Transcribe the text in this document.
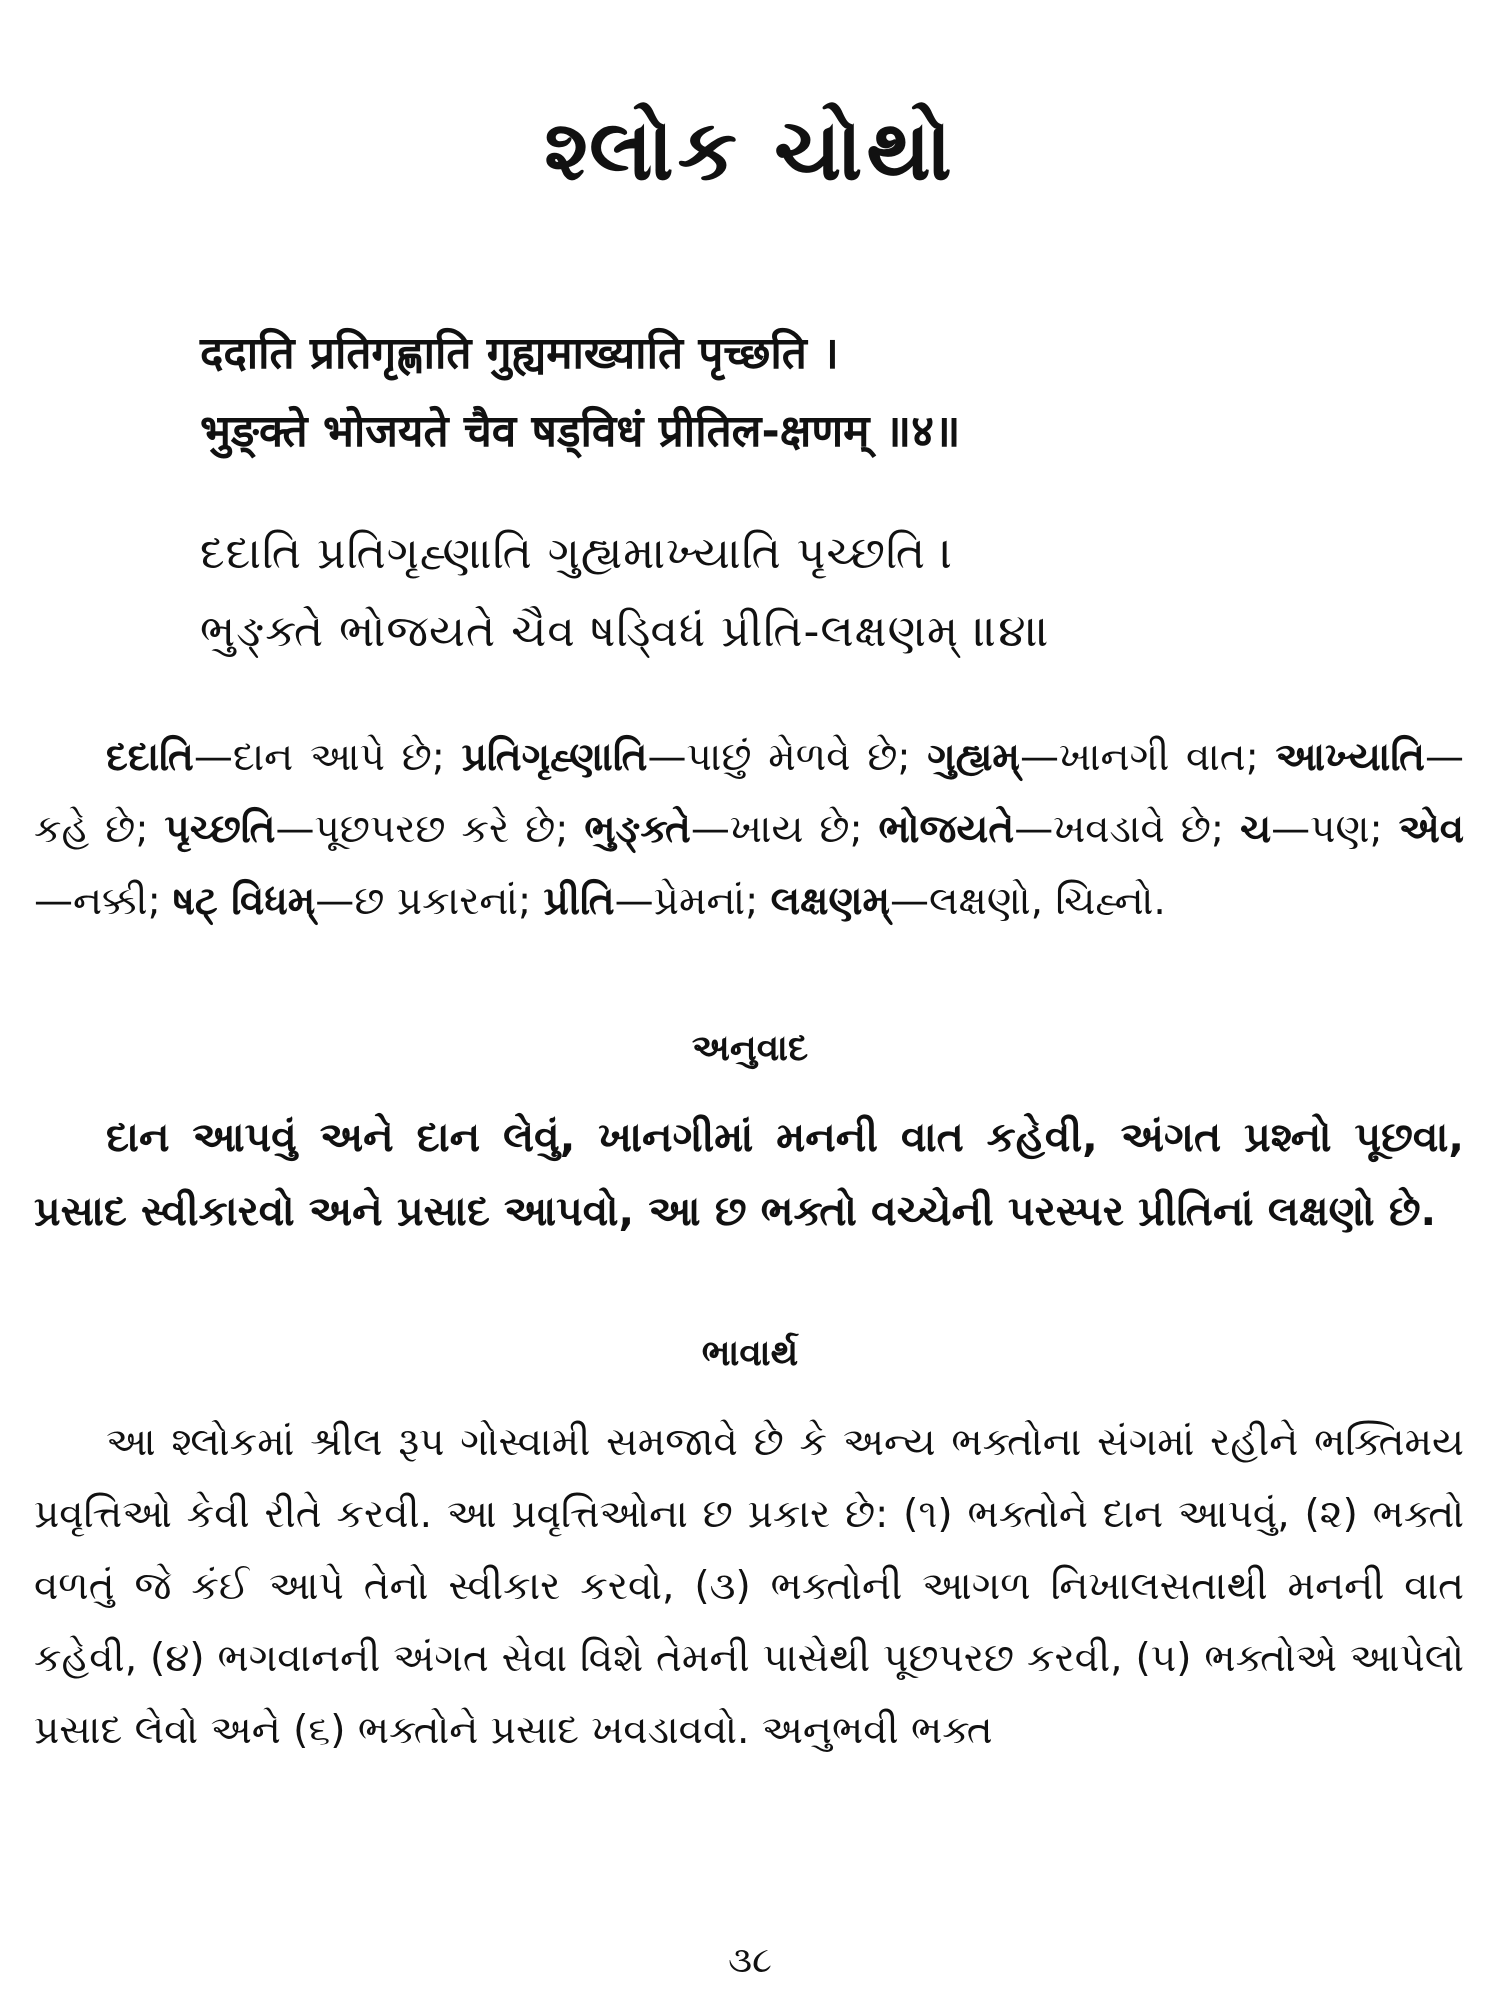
શ્લોક ચોથો
ददाति प्रतिगृह्णाति गुह्यमाख्याति पृच्छति ।
भुङ्क्ते भोजयते चैव षड्विधं प्रीतिल-क्षणम् ॥४॥
દદાતિ પ્રતિગૃહ્ણાતિ ગુહ્યમાખ્યાતિ પૃચ્છતિ ।
ભુઙ્ક્તે ભોજયતે ચૈવ ષડ્વિધં પ્રીતિ-લક્ષણમ્ ॥૪॥
દદાતિ—દાન આપે છે; પ્રતિગૃહ્ણાતિ—પાછું મેળવે છે; ગુહ્યમ્—ખાનગી વાત; આખ્યાતિ—કહે છે; પૃચ્છતિ—પૂછપરછ કરે છે; ભુઙ્ક્તે—ખાય છે; ભોજયતે—ખવડાવે છે; ચ—પણ; એવ—નક્કી; ષટ્ વિધમ્—છ પ્રકારનાં; પ્રીતિ—પ્રેમનાં; લક્ષણમ્—લક્ષણો, ચિહ્નો.
અનુવાદ
દાન આપવું અને દાન લેવું, ખાનગીમાં મનની વાત કહેવી, અંગત પ્રશ્નો પૂછવા, પ્રસાદ સ્વીકારવો અને પ્રસાદ આપવો, આ છ ભક્તો વચ્ચેની પરસ્પર પ્રીતિનાં લક્ષણો છે.
ભાવાર્થ
આ શ્લોકમાં શ્રીલ રૂપ ગોસ્વામી સમજાવે છે કે અન્ય ભક્તોના સંગમાં રહીને ભક્તિમય પ્રવૃત્તિઓ કેવી રીતે કરવી. આ પ્રવૃત્તિઓના છ પ્રકાર છે: (૧) ભક્તોને દાન આપવું, (૨) ભક્તો વળતું જે કંઈ આપે તેનો સ્વીકાર કરવો, (૩) ભક્તોની આગળ નિખાલસતાથી મનની વાત કહેવી, (૪) ભગવાનની અંગત સેવા વિશે તેમની પાસેથી પૂછપરછ કરવી, (૫) ભક્તોએ આપેલો પ્રસાદ લેવો અને (૬) ભક્તોને પ્રસાદ ખવડાવવો. અનુભવી ભક્ત
૩૮
